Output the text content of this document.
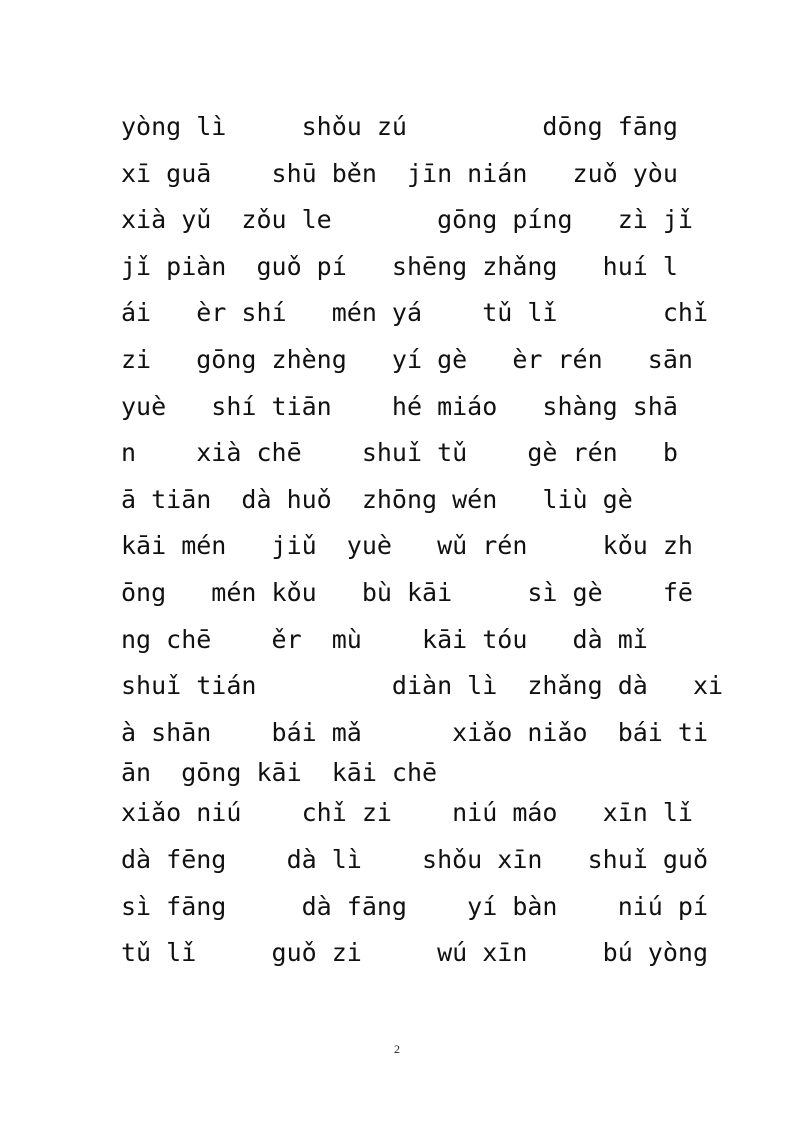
yòng lì     shǒu zú         dōng fāng
xī guā    shū běn  jīn nián   zuǒ yòu
xià yǔ  zǒu le       gōng píng   zì jǐ
jǐ piàn  guǒ pí   shēng zhǎng   huí l
ái   èr shí   mén yá    tǔ lǐ       chǐ
zi   gōng zhèng   yí gè   èr rén   sān
yuè   shí tiān    hé miáo   shàng shā
n    xià chē    shuǐ tǔ    gè rén   b
ā tiān  dà huǒ  zhōng wén   liù gè
kāi mén   jiǔ  yuè   wǔ rén     kǒu zh
ōng   mén kǒu   bù kāi     sì gè    fē
ng chē    ěr  mù    kāi tóu   dà mǐ
shuǐ tián         diàn lì  zhǎng dà   xi
à shān    bái mǎ      xiǎo niǎo  bái ti
ān  gōng kāi  kāi chē
xiǎo niú    chǐ zi    niú máo   xīn lǐ
dà fēng    dà lì    shǒu xīn   shuǐ guǒ
sì fāng     dà fāng    yí bàn    niú pí
tǔ lǐ     guǒ zi     wú xīn     bú yòng
2
